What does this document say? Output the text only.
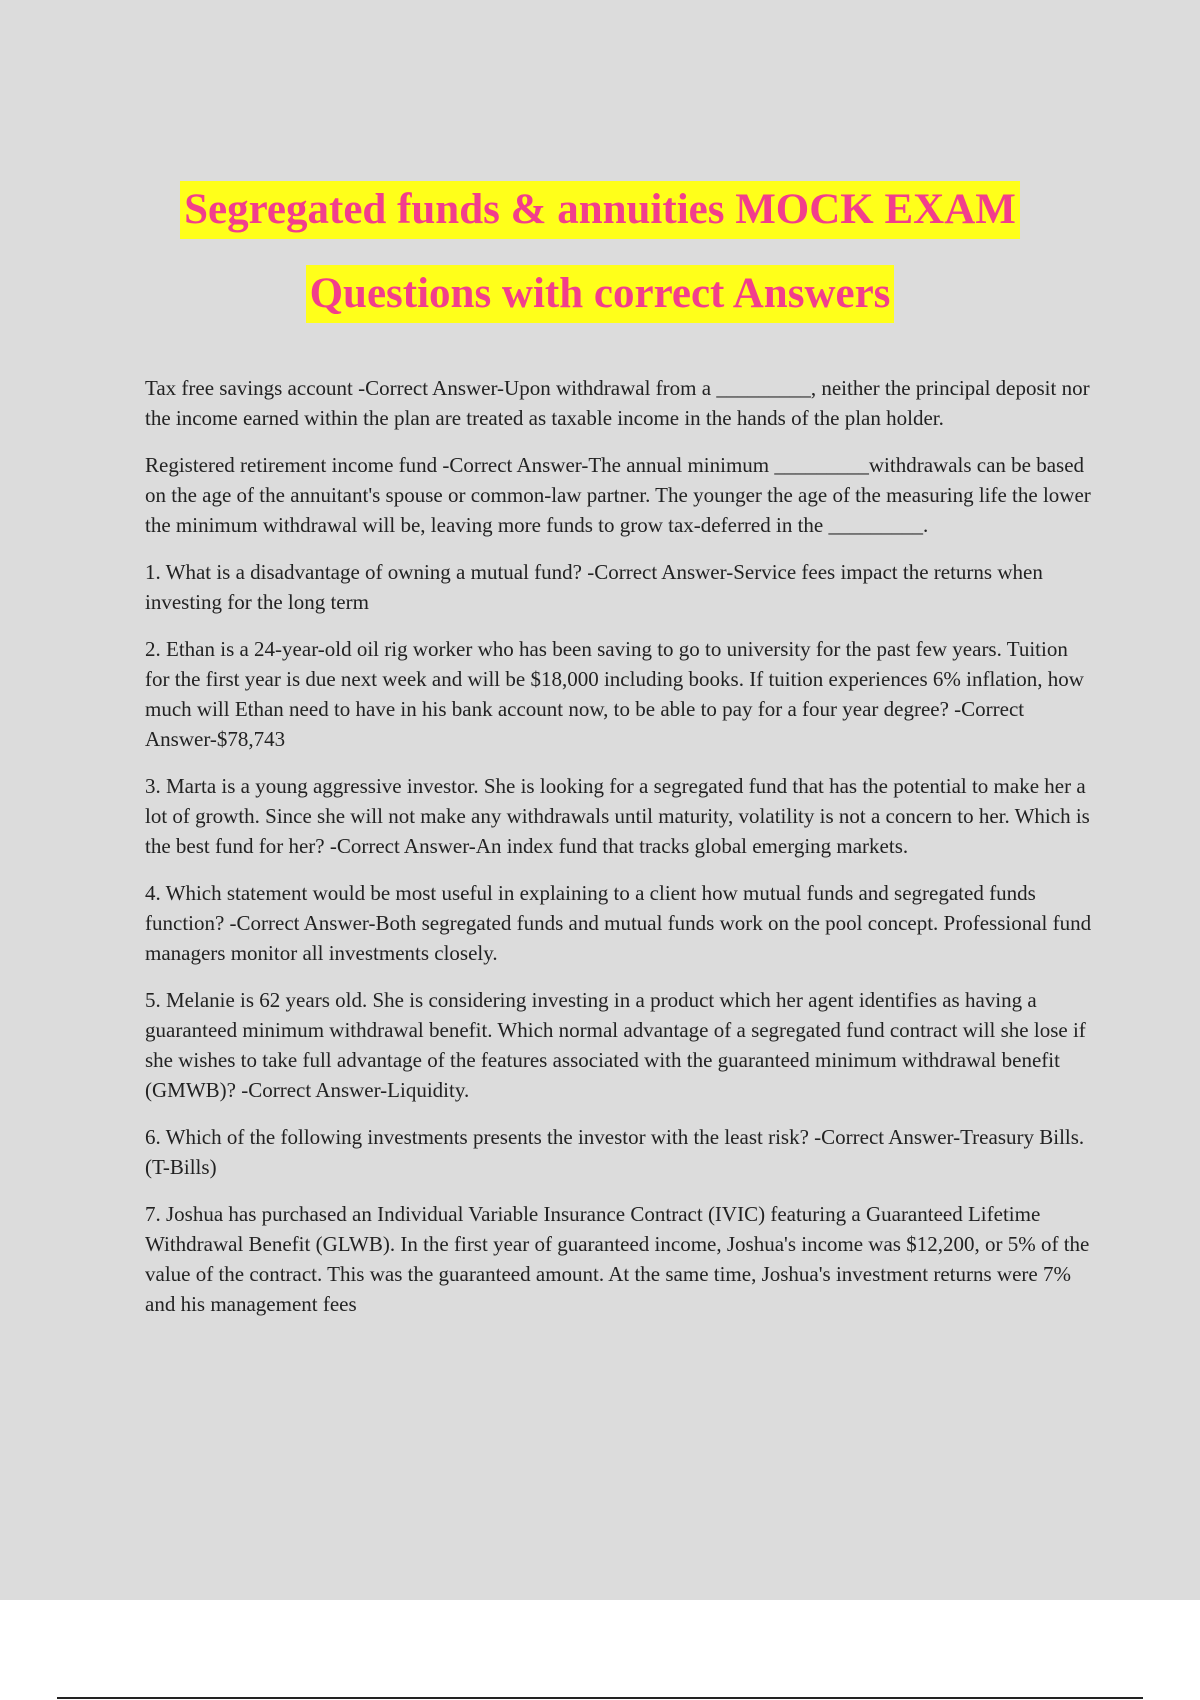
Segregated funds & annuities MOCK EXAM
Questions with correct Answers

Tax free savings account -Correct Answer-Upon withdrawal from a _________, neither the principal deposit nor the income earned within the plan are treated as taxable income in the hands of the plan holder.

Registered retirement income fund -Correct Answer-The annual minimum _________withdrawals can be based on the age of the annuitant's spouse or common-law partner. The younger the age of the measuring life the lower the minimum withdrawal will be, leaving more funds to grow tax-deferred in the _________.

1. What is a disadvantage of owning a mutual fund? -Correct Answer-Service fees impact the returns when investing for the long term

2. Ethan is a 24-year-old oil rig worker who has been saving to go to university for the past few years. Tuition for the first year is due next week and will be $18,000 including books. If tuition experiences 6% inflation, how much will Ethan need to have in his bank account now, to be able to pay for a four year degree? -Correct Answer-$78,743

3. Marta is a young aggressive investor. She is looking for a segregated fund that has the potential to make her a lot of growth. Since she will not make any withdrawals until maturity, volatility is not a concern to her. Which is the best fund for her? -Correct Answer-An index fund that tracks global emerging markets.

4. Which statement would be most useful in explaining to a client how mutual funds and segregated funds function? -Correct Answer-Both segregated funds and mutual funds work on the pool concept. Professional fund managers monitor all investments closely.

5. Melanie is 62 years old. She is considering investing in a product which her agent identifies as having a guaranteed minimum withdrawal benefit. Which normal advantage of a segregated fund contract will she lose if she wishes to take full advantage of the features associated with the guaranteed minimum withdrawal benefit (GMWB)? -Correct Answer-Liquidity.

6. Which of the following investments presents the investor with the least risk? -Correct Answer-Treasury Bills. (T-Bills)

7. Joshua has purchased an Individual Variable Insurance Contract (IVIC) featuring a Guaranteed Lifetime Withdrawal Benefit (GLWB). In the first year of guaranteed income, Joshua's income was $12,200, or 5% of the value of the contract. This was the guaranteed amount. At the same time, Joshua's investment returns were 7% and his management fees
